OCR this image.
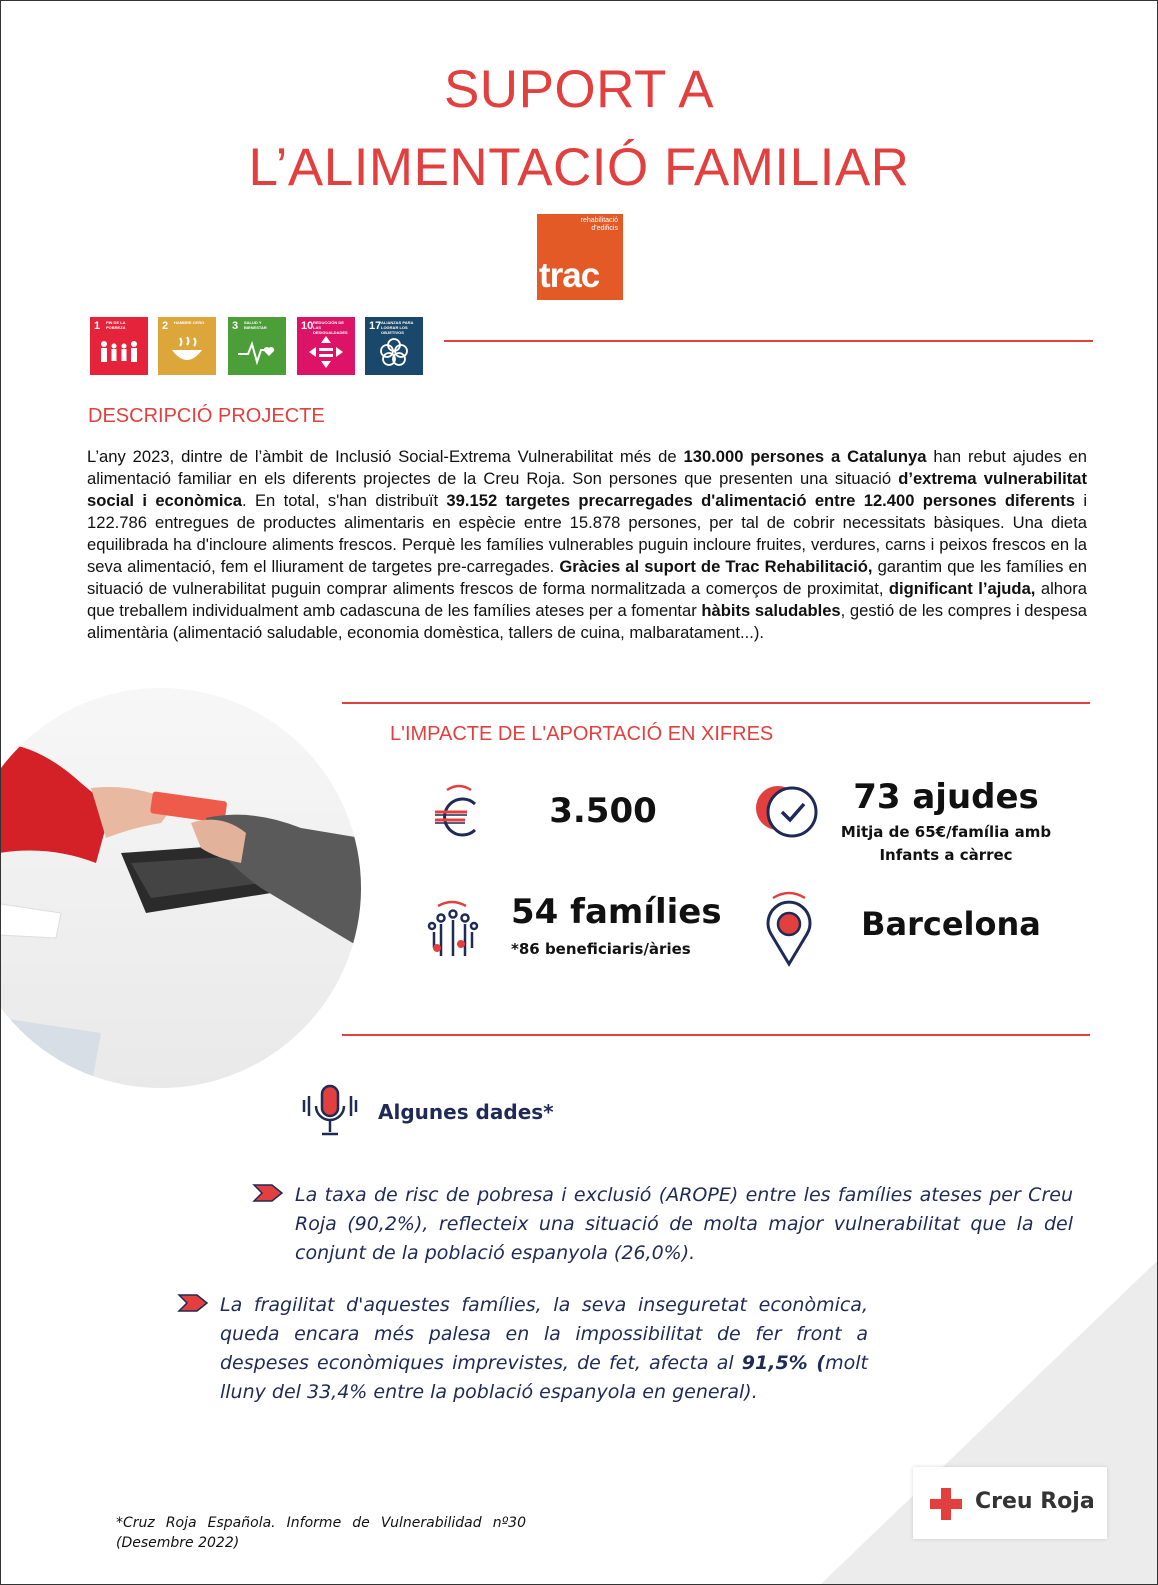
SUPORT A
L’ALIMENTACIÓ FAMILIAR
rehabilitació
d'edificis
trac
1 FIN DE LA POBREZA	2 HAMBRE CERO	3 SALUD Y BIENESTAR	10 REDUCCIÓN DE LAS DESIGUALDADES
17 ALIANZAS PARA LOGRAR LOS OBJETIVOS
DESCRIPCIÓ PROJECTE

L’any 2023, dintre de l’àmbit de Inclusió Social-Extrema Vulnerabilitat més de 130.000 persones a Catalunya han rebut ajudes en alimentació familiar en els diferents projectes de la Creu Roja. Son persones que presenten una situació d’extrema vulnerabilitat social i econòmica. En total, s'han distribuït 39.152 targetes precarregades d'alimentació entre 12.400 persones diferents i 122.786 entregues de productes alimentaris en espècie entre 15.878 persones, per tal de cobrir necessitats bàsiques. Una dieta equilibrada ha d'incloure aliments frescos. Perquè les famílies vulnerables puguin incloure fruites, verdures, carns i peixos frescos en la seva alimentació, fem el lliurament de targetes pre-carregades. Gràcies al suport de Trac Rehabilitació, garantim que les famílies en situació de vulnerabilitat puguin comprar aliments frescos de forma normalitzada a comerços de proximitat, dignificant l’ajuda, alhora que treballem individualment amb cadascuna de les famílies ateses per a fomentar hàbits saludables, gestió de les compres i despesa alimentària (alimentació saludable, economia domèstica, tallers de cuina, malbaratament...).

L'IMPACTE DE L'APORTACIÓ EN XIFRES
3.500	73 ajudes
Mitja de 65€/família amb
Infants a càrrec
54 famílies
*86 beneficiaris/àries
Barcelona
Algunes dades*

La taxa de risc de pobresa i exclusió (AROPE) entre les famílies ateses per Creu Roja (90,2%), reflecteix una situació de molta major vulnerabilitat que la del conjunt de la població espanyola (26,0%).

La fragilitat d'aquestes famílies, la seva inseguretat econòmica, queda encara més palesa en la impossibilitat de fer front a despeses econòmiques imprevistes, de fet, afecta al 91,5% (molt lluny del 33,4% entre la població espanyola en general).

*Cruz Roja Española. Informe de Vulnerabilidad nº30 (Desembre 2022)
Creu Roja
